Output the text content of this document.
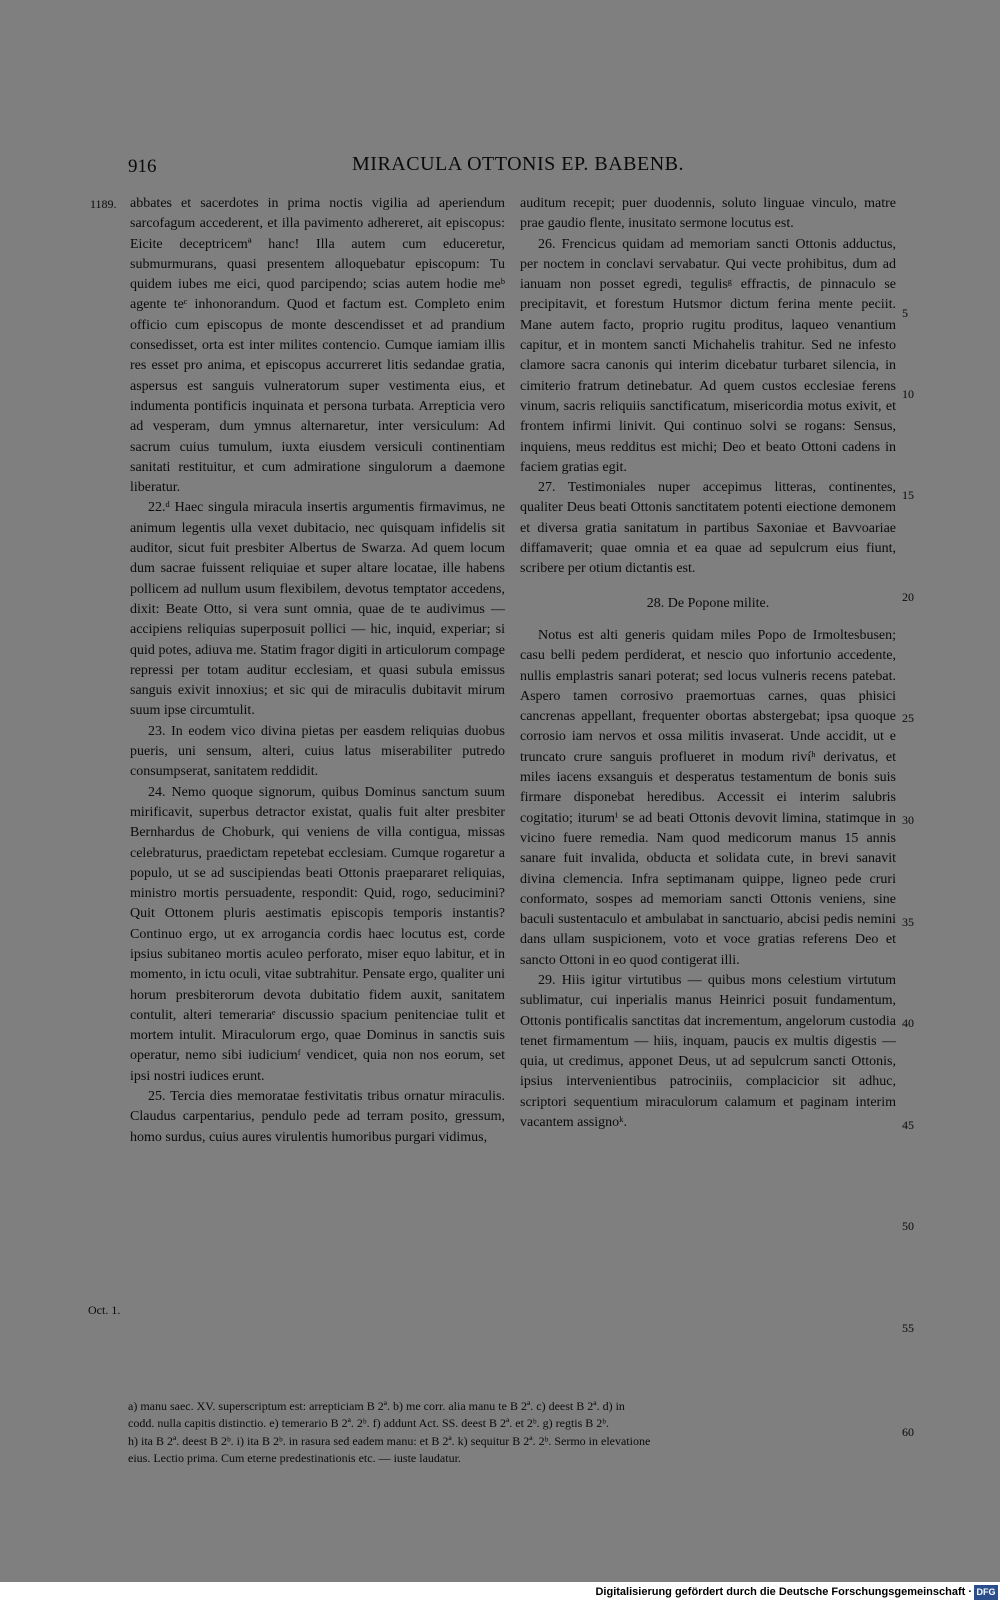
916	MIRACULA OTTONIS EP. BABENB.
1189.
Oct. 1.

abbates et sacerdotes in prima noctis vigilia ad aperiendum sarcofagum accederent, et illa pavimento adhereret, ait episcopus: Eicite deceptricemª hanc! Illa autem cum educeretur, submurmurans, quasi presentem alloquebatur episcopum: Tu quidem iubes me eici, quod parcipendo; scias autem hodie meᵇ agente teᶜ inhonorandum. Quod et factum est. Completo enim officio cum episcopus de monte descendisset et ad prandium consedisset, orta est inter milites contencio. Cumque iamiam illis res esset pro anima, et episcopus accurreret litis sedandae gratia, aspersus est sanguis vulneratorum super vestimenta eius, et indumenta pontificis inquinata et persona turbata. Arrepticia vero ad vesperam, dum ymnus alternaretur, inter versiculum: Ad sacrum cuius tumulum, iuxta eiusdem versiculi continentiam sanitati restituitur, et cum admiratione singulorum a daemone liberatur.

22.ᵈ Haec singula miracula insertis argumentis firmavimus, ne animum legentis ulla vexet dubitacio, nec quisquam infidelis sit auditor, sicut fuit presbiter Albertus de Swarza. Ad quem locum dum sacrae fuissent reliquiae et super altare locatae, ille habens pollicem ad nullum usum flexibilem, devotus temptator accedens, dixit: Beate Otto, si vera sunt omnia, quae de te audivimus — accipiens reliquias superposuit pollici — hic, inquid, experiar; si quid potes, adiuva me. Statim fragor digiti in articulorum compage repressi per totam auditur ecclesiam, et quasi subula emissus sanguis exivit innoxius; et sic qui de miraculis dubitavit mirum suum ipse circumtulit.

23. In eodem vico divina pietas per easdem reliquias duobus pueris, uni sensum, alteri, cuius latus miserabiliter putredo consumpserat, sanitatem reddidit.

24. Nemo quoque signorum, quibus Dominus sanctum suum mirificavit, superbus detractor existat, qualis fuit alter presbiter Bernhardus de Choburk, qui veniens de villa contigua, missas celebraturus, praedictam repetebat ecclesiam. Cumque rogaretur a populo, ut se ad suscipiendas beati Ottonis praepararet reliquias, ministro mortis persuadente, respondit: Quid, rogo, seducimini? Quit Ottonem pluris aestimatis episcopis temporis instantis? Continuo ergo, ut ex arrogancia cordis haec locutus est, corde ipsius subitaneo mortis aculeo perforato, miser equo labitur, et in momento, in ictu oculi, vitae subtrahitur. Pensate ergo, qualiter uni horum presbiterorum devota dubitatio fidem auxit, sanitatem contulit, alteri temerariaᵉ discussio spacium penitenciae tulit et mortem intulit. Miraculorum ergo, quae Dominus in sanctis suis operatur, nemo sibi iudiciumᶠ vendicet, quia non nos eorum, set ipsi nostri iudices erunt.

25. Tercia dies memoratae festivitatis tribus ornatur miraculis. Claudus carpentarius, pendulo pede ad terram posito, gressum, homo surdus, cuius aures virulentis humoribus purgari vidimus,

auditum recepit; puer duodennis, soluto linguae vinculo, matre prae gaudio flente, inusitato sermone locutus est.

26. Frencicus quidam ad memoriam sancti Ottonis adductus, per noctem in conclavi servabatur. Qui vecte prohibitus, dum ad ianuam non posset egredi, tegulisᵍ effractis, de pinnaculo se precipitavit, et forestum Hutsmor dictum ferina mente peciit. Mane autem facto, proprio rugitu proditus, laqueo venantium capitur, et in montem sancti Michahelis trahitur. Sed ne infesto clamore sacra canonis qui interim dicebatur turbaret silencia, in cimiterio fratrum detinebatur. Ad quem custos ecclesiae ferens vinum, sacris reliquiis sanctificatum, misericordia motus exivit, et frontem infirmi linivit. Qui continuo solvi se rogans: Sensus, inquiens, meus redditus est michi; Deo et beato Ottoni cadens in faciem gratias egit.

27. Testimoniales nuper accepimus litteras, continentes, qualiter Deus beati Ottonis sanctitatem potenti eiectione demonem et diversa gratia sanitatum in partibus Saxoniae et Bavvoariae diffamaverit; quae omnia et ea quae ad sepulcrum eius fiunt, scribere per otium dictantis est.

28. De Popone milite.

Notus est alti generis quidam miles Popo de Irmoltesbusen; casu belli pedem perdiderat, et nescio quo infortunio accedente, nullis emplastris sanari poterat; sed locus vulneris recens patebat. Aspero tamen corrosivo praemortuas carnes, quas phisici cancrenas appellant, frequenter obortas abstergebat; ipsa quoque corrosio iam nervos et ossa militis invaserat. Unde accidit, ut e truncato crure sanguis proflueret in modum rivíʰ derivatus, et miles iacens exsanguis et desperatus testamentum de bonis suis firmare disponebat heredibus. Accessit ei interim salubris cogitatio; iturumⁱ se ad beati Ottonis devovit limina, statimque in vicino fuere remedia. Nam quod medicorum manus 15 annis sanare fuit invalida, obducta et solidata cute, in brevi sanavit divina clemencia. Infra septimanam quippe, ligneo pede cruri conformato, sospes ad memoriam sancti Ottonis veniens, sine baculi sustentaculo et ambulabat in sanctuario, abcisi pedis nemini dans ullam suspicionem, voto et voce gratias referens Deo et sancto Ottoni in eo quod contigerat illi.

29. Hiis igitur virtutibus — quibus mons celestium virtutum sublimatur, cui inperialis manus Heinrici posuit fundamentum, Ottonis pontificalis sanctitas dat incrementum, angelorum custodia tenet firmamentum — hiis, inquam, paucis ex multis digestis — quia, ut credimus, apponet Deus, ut ad sepulcrum sancti Ottonis, ipsius intervenientibus patrociniis, complacicior sit adhuc, scriptori sequentium miraculorum calamum et paginam interim vacantem assignoᵏ.

5
10
15
20
25
30
35
40
45
50
55
60
a) manu saec. XV. superscriptum est: arrepticiam B 2ª. b) me corr. alia manu te B 2ª. c) deest B 2ª. d) in
codd. nulla capitis distinctio. e) temerario B 2ª. 2ᵇ. f) addunt Act. SS. deest B 2ª. et 2ᵇ. g) regtis B 2ᵇ.
h) ita B 2ª. deest B 2ᵇ. i) ita B 2ᵇ. in rasura sed eadem manu: et B 2ª. k) sequitur B 2ª. 2ᵇ. Sermo in elevatione
eius. Lectio prima. Cum eterne predestinationis etc. — iuste laudatur.
Digitalisierung gefördert durch die Deutsche Forschungsgemeinschaft · DFG
